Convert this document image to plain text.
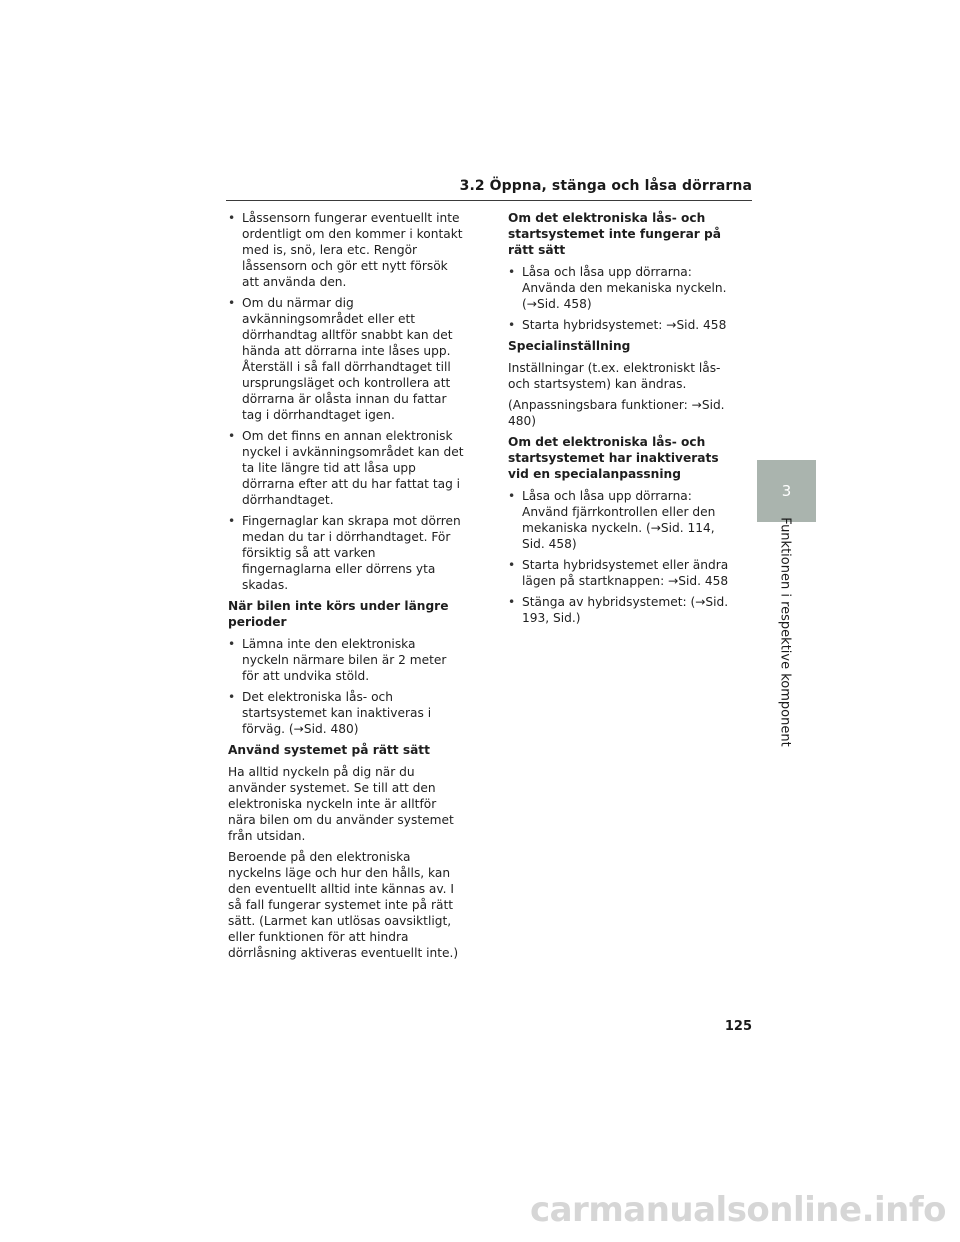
3.2 Öppna, stänga och låsa dörrarna
• Låssensorn fungerar eventuellt inte ordentligt om den kommer i kontakt med is, snö, lera etc. Rengör låssensorn och gör ett nytt försök att använda den.
• Om du närmar dig avkänningsområdet eller ett dörrhandtag alltför snabbt kan det hända att dörrarna inte låses upp. Återställ i så fall dörrhandtaget till ursprungsläget och kontrollera att dörrarna är olåsta innan du fattar tag i dörrhandtaget igen.
• Om det finns en annan elektronisk nyckel i avkänningsområdet kan det ta lite längre tid att låsa upp dörrarna efter att du har fattat tag i dörrhandtaget.
• Fingernaglar kan skrapa mot dörren medan du tar i dörrhandtaget. För försiktig så att varken fingernaglarna eller dörrens yta skadas.

När bilen inte körs under längre perioder

• Lämna inte den elektroniska nyckeln närmare bilen är 2 meter för att undvika stöld.
• Det elektroniska lås- och startsystemet kan inaktiveras i förväg. (→Sid. 480)

Använd systemet på rätt sätt

Ha alltid nyckeln på dig när du använder systemet. Se till att den elektroniska nyckeln inte är alltför nära bilen om du använder systemet från utsidan.

Beroende på den elektroniska nyckelns läge och hur den hålls, kan den eventuellt alltid inte kännas av. I så fall fungerar systemet inte på rätt sätt. (Larmet kan utlösas oavsiktligt, eller funktionen för att hindra dörrlåsning aktiveras eventuellt inte.)

Om det elektroniska lås- och startsystemet inte fungerar på rätt sätt

• Låsa och låsa upp dörrarna: Använda den mekaniska nyckeln. (→Sid. 458)
• Starta hybridsystemet: →Sid. 458

Specialinställning

Inställningar (t.ex. elektroniskt lås- och startsystem) kan ändras.

(Anpassningsbara funktioner: →Sid. 480)

Om det elektroniska lås- och startsystemet har inaktiverats vid en specialanpassning

• Låsa och låsa upp dörrarna: Använd fjärrkontrollen eller den mekaniska nyckeln. (→Sid. 114, Sid. 458)
• Starta hybridsystemet eller ändra lägen på startknappen: →Sid. 458
• Stänga av hybridsystemet: (→Sid. 193, Sid.)
3
Funktionen i respektive komponent
125
carmanualsonline.info
